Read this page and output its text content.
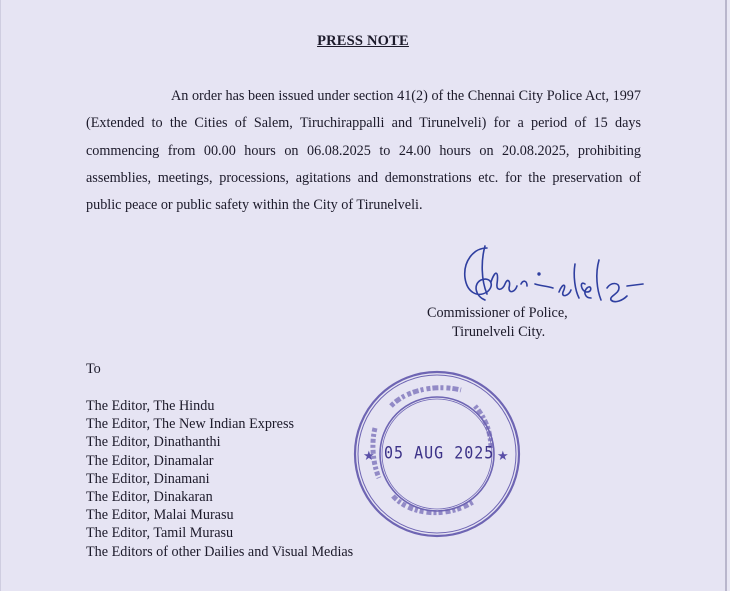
PRESS NOTE

An order has been issued under section 41(2) of the Chennai City Police Act, 1997 (Extended to the Cities of Salem, Tiruchirappalli and Tirunelveli) for a period of 15 days commencing from 00.00 hours on 06.08.2025 to 24.00 hours on 20.08.2025, prohibiting assemblies, meetings, processions, agitations and demonstrations etc. for the preservation of public peace or public safety within the City of Tirunelveli.

Commissioner of Police,
Tirunelveli City.
To
The Editor, The Hindu
The Editor, The New Indian Express
The Editor, Dinathanthi
The Editor, Dinamalar
The Editor, Dinamani
The Editor, Dinakaran
The Editor, Malai Murasu
The Editor, Tamil Murasu
The Editors of other Dailies and Visual Medias
★	★
05 AUG 2025
